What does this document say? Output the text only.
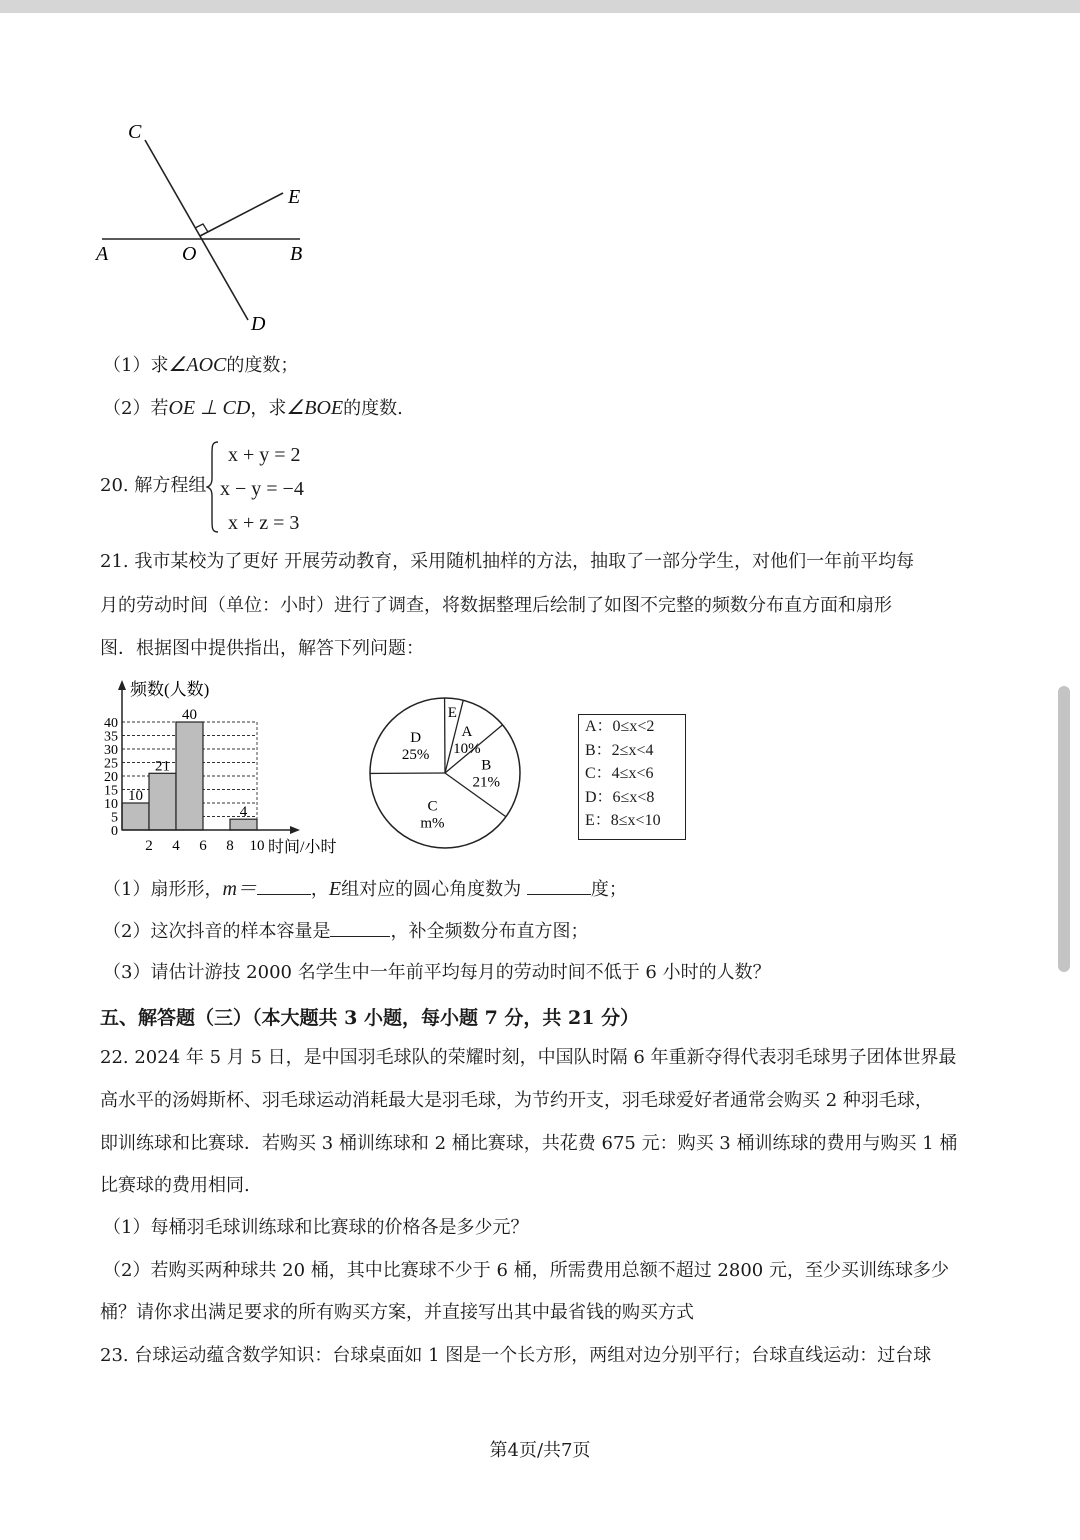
C
E
A	O	B
D
（1）求∠AOC的度数；
（2）若OE ⊥ CD，求∠BOE的度数.
20. 解方程组
x + y = 2
x − y = −4
x + z = 3
21. 我市某校为了更好 开展劳动教育，采用随机抽样的方法，抽取了一部分学生，对他们一年前平均每
月的劳动时间（单位：小时）进行了调查，将数据整理后绘制了如图不完整的频数分布直方面和扇形
图．根据图中提供指出，解答下列问题：
10
21
40
4
0
5
10
15
20
25
30
35
40
2 4 6 8 10
频数(人数)
时间/小时
E
A
10%
B
21%
C
m%
D
25%
A：0≤x<2
B：2≤x<4
C：4≤x<6
D：6≤x<8
E：8≤x<10
（1）扇形形，m＝	，E组对应的圆心角度数为	度；
（2）这次抖音的样本容量是	，补全频数分布直方图；
（3）请估计游技 2000 名学生中一年前平均每月的劳动时间不低于 6 小时的人数？
五、解答题（三）（本大题共 3 小题，每小题 7 分，共 21 分）
22. 2024 年 5 月 5 日，是中国羽毛球队的荣耀时刻，中国队时隔 6 年重新夺得代表羽毛球男子团体世界最
高水平的汤姆斯杯、羽毛球运动消耗最大是羽毛球，为节约开支，羽毛球爱好者通常会购买 2 种羽毛球，
即训练球和比赛球．若购买 3 桶训练球和 2 桶比赛球，共花费 675 元：购买 3 桶训练球的费用与购买 1 桶
比赛球的费用相同.
（1）每桶羽毛球训练球和比赛球的价格各是多少元？
（2）若购买两种球共 20 桶，其中比赛球不少于 6 桶，所需费用总额不超过 2800 元，至少买训练球多少
桶？请你求出满足要求的所有购买方案，并直接写出其中最省钱的购买方式
23. 台球运动蕴含数学知识：台球桌面如 1 图是一个长方形，两组对边分别平行；台球直线运动：过台球
第4页/共7页
